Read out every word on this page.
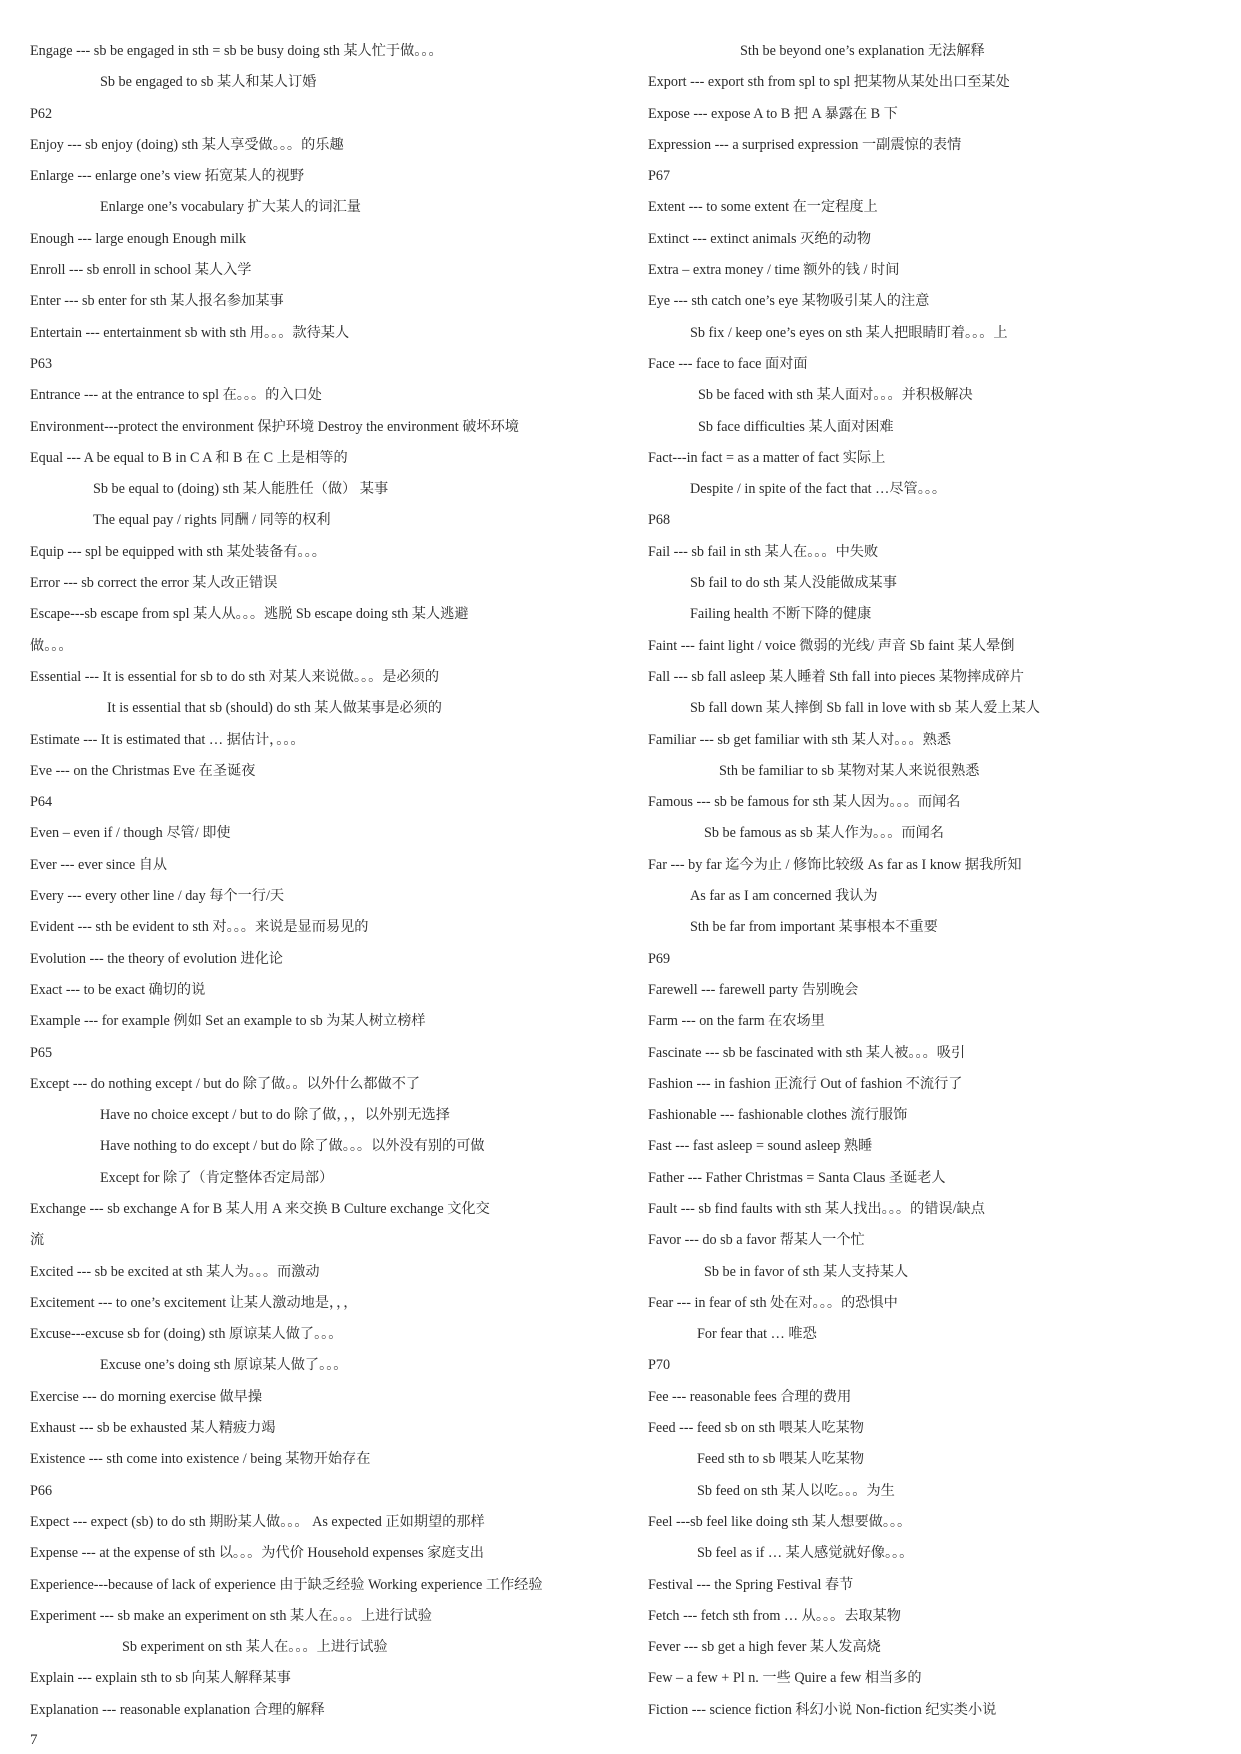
Engage --- sb be engaged in sth = sb be busy doing sth 某人忙于做。。。
Sb be engaged to sb 某人和某人订婚
P62
Enjoy --- sb enjoy (doing) sth 某人享受做。。。的乐趣
Enlarge --- enlarge one’s view 拓宽某人的视野
Enlarge one’s vocabulary 扩大某人的词汇量
Enough --- large enough Enough milk
Enroll --- sb enroll in school 某人入学
Enter --- sb enter for sth 某人报名参加某事
Entertain --- entertainment sb with sth 用。。。款待某人
P63
Entrance --- at the entrance to spl 在。。。的入口处
Environment---protect the environment 保护环境 Destroy the environment 破坏环境
Equal --- A be equal to B in C A 和 B 在 C 上是相等的
Sb be equal to (doing) sth 某人能胜任（做） 某事
The equal pay / rights 同酬 / 同等的权利
Equip --- spl be equipped with sth 某处装备有。。。
Error --- sb correct the error 某人改正错误
Escape---sb escape from spl 某人从。。。逃脱 Sb escape doing sth 某人逃避
做。。。
Essential --- It is essential for sb to do sth 对某人来说做。。。是必须的
It is essential that sb (should) do sth 某人做某事是必须的
Estimate --- It is estimated that … 据估计，。。。
Eve --- on the Christmas Eve 在圣诞夜
P64
Even – even if / though 尽管/ 即使
Ever --- ever since 自从
Every --- every other line / day 每个一行/天
Evident --- sth be evident to sth 对。。。来说是显而易见的
Evolution --- the theory of evolution 进化论
Exact --- to be exact 确切的说
Example --- for example 例如 Set an example to sb 为某人树立榜样
P65
Except --- do nothing except / but do 除了做。。以外什么都做不了
Have no choice except / but to do 除了做，，，以外别无选择
Have nothing to do except / but do 除了做。。。以外没有别的可做
Except for 除了（肯定整体否定局部）
Exchange --- sb exchange A for B 某人用 A 来交换 B Culture exchange 文化交
流
Excited --- sb be excited at sth 某人为。。。而激动
Excitement --- to one’s excitement 让某人激动地是，，，
Excuse---excuse sb for (doing) sth 原谅某人做了。。。
Excuse one’s doing sth 原谅某人做了。。。
Exercise --- do morning exercise 做早操
Exhaust --- sb be exhausted 某人精疲力竭
Existence --- sth come into existence / being 某物开始存在
P66
Expect --- expect (sb) to do sth 期盼某人做。。。 As expected 正如期望的那样
Expense --- at the expense of sth 以。。。为代价 Household expenses 家庭支出
Experience---because of lack of experience 由于缺乏经验 Working experience 工作经验
Experiment --- sb make an experiment on sth 某人在。。。上进行试验
Sb experiment on sth 某人在。。。上进行试验
Explain --- explain sth to sb 向某人解释某事
Explanation --- reasonable explanation 合理的解释
Sth be beyond one’s explanation 无法解释
Export --- export sth from spl to spl 把某物从某处出口至某处
Expose --- expose A to B 把 A 暴露在 B 下
Expression --- a surprised expression 一副震惊的表情
P67
Extent --- to some extent 在一定程度上
Extinct --- extinct animals 灭绝的动物
Extra – extra money / time 额外的钱 / 时间
Eye --- sth catch one’s eye 某物吸引某人的注意
Sb fix / keep one’s eyes on sth 某人把眼睛盯着。。。上
Face --- face to face 面对面
Sb be faced with sth 某人面对。。。并积极解决
Sb face difficulties 某人面对困难
Fact---in fact = as a matter of fact 实际上
Despite / in spite of the fact that …尽管。。。
P68
Fail --- sb fail in sth 某人在。。。中失败
Sb fail to do sth 某人没能做成某事
Failing health 不断下降的健康
Faint --- faint light / voice 微弱的光线/ 声音 Sb faint 某人晕倒
Fall --- sb fall asleep 某人睡着 Sth fall into pieces 某物摔成碎片
Sb fall down 某人摔倒 Sb fall in love with sb 某人爱上某人
Familiar --- sb get familiar with sth 某人对。。。熟悉
Sth be familiar to sb 某物对某人来说很熟悉
Famous --- sb be famous for sth 某人因为。。。而闻名
Sb be famous as sb 某人作为。。。而闻名
Far --- by far 迄今为止 / 修饰比较级 As far as I know 据我所知
As far as I am concerned 我认为
Sth be far from important 某事根本不重要
P69
Farewell --- farewell party 告别晚会
Farm --- on the farm 在农场里
Fascinate --- sb be fascinated with sth 某人被。。。吸引
Fashion --- in fashion 正流行 Out of fashion 不流行了
Fashionable --- fashionable clothes 流行服饰
Fast --- fast asleep = sound asleep 熟睡
Father --- Father Christmas = Santa Claus 圣诞老人
Fault --- sb find faults with sth 某人找出。。。的错误/缺点
Favor --- do sb a favor 帮某人一个忙
Sb be in favor of sth 某人支持某人
Fear --- in fear of sth 处在对。。。的恐惧中
For fear that … 唯恐
P70
Fee --- reasonable fees 合理的费用
Feed --- feed sb on sth 喂某人吃某物
Feed sth to sb 喂某人吃某物
Sb feed on sth 某人以吃。。。为生
Feel ---sb feel like doing sth 某人想要做。。。
Sb feel as if … 某人感觉就好像。。。
Festival --- the Spring Festival 春节
Fetch --- fetch sth from … 从。。。去取某物
Fever --- sb get a high fever 某人发高烧
Few – a few + Pl n. 一些 Quire a few 相当多的
Fiction --- science fiction 科幻小说 Non-fiction 纪实类小说
7
